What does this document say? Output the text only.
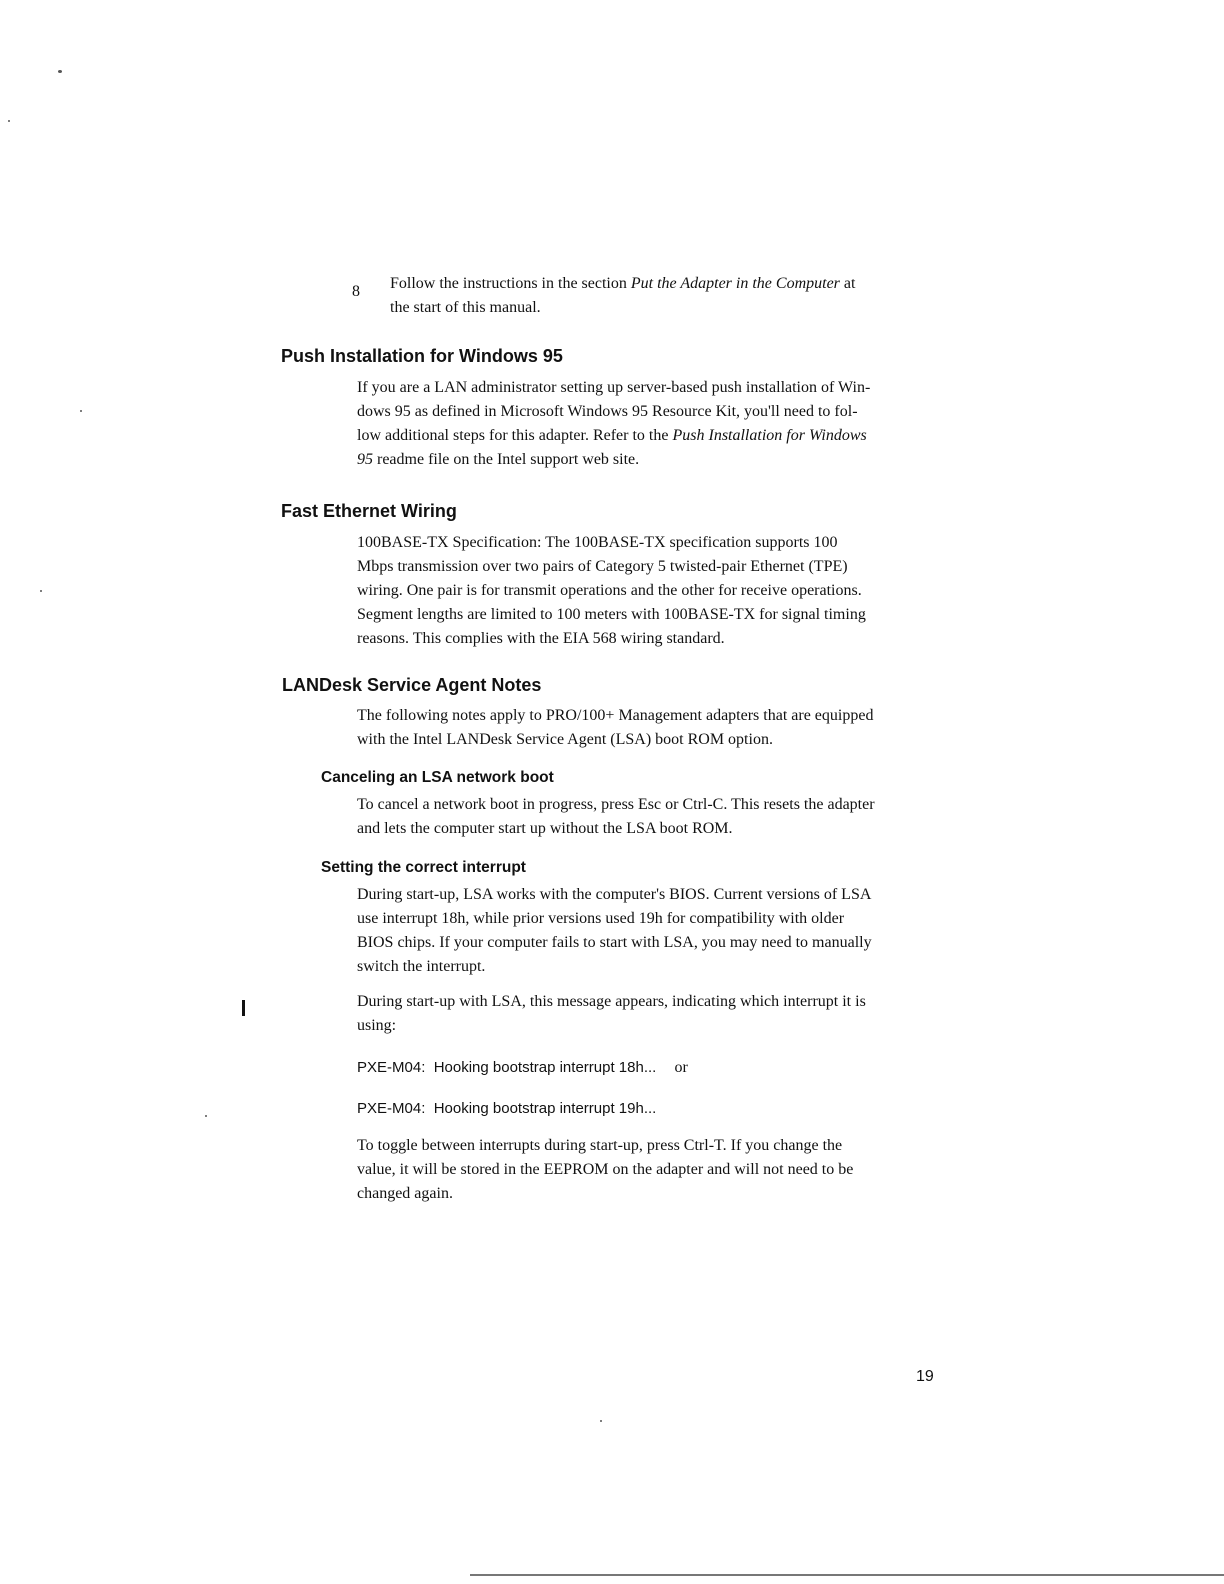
8 Follow the instructions in the section Put the Adapter in the Computer at
the start of this manual.

Push Installation for Windows 95

If you are a LAN administrator setting up server-based push installation of Win-
dows 95 as defined in Microsoft Windows 95 Resource Kit, you'll need to fol-
low additional steps for this adapter. Refer to the Push Installation for Windows
95 readme file on the Intel support web site.

Fast Ethernet Wiring

100BASE-TX Specification: The 100BASE-TX specification supports 100
Mbps transmission over two pairs of Category 5 twisted-pair Ethernet (TPE)
wiring. One pair is for transmit operations and the other for receive operations.
Segment lengths are limited to 100 meters with 100BASE-TX for signal timing
reasons. This complies with the EIA 568 wiring standard.

LANDesk Service Agent Notes

The following notes apply to PRO/100+ Management adapters that are equipped
with the Intel LANDesk Service Agent (LSA) boot ROM option.

Canceling an LSA network boot

To cancel a network boot in progress, press Esc or Ctrl-C. This resets the adapter
and lets the computer start up without the LSA boot ROM.

Setting the correct interrupt

During start-up, LSA works with the computer's BIOS. Current versions of LSA
use interrupt 18h, while prior versions used 19h for compatibility with older
BIOS chips. If your computer fails to start with LSA, you may need to manually
switch the interrupt.

During start-up with LSA, this message appears, indicating which interrupt it is
using:

PXE-M04:  Hooking bootstrap interrupt 18h... or

PXE-M04:  Hooking bootstrap interrupt 19h...

To toggle between interrupts during start-up, press Ctrl-T. If you change the
value, it will be stored in the EEPROM on the adapter and will not need to be
changed again.

19
